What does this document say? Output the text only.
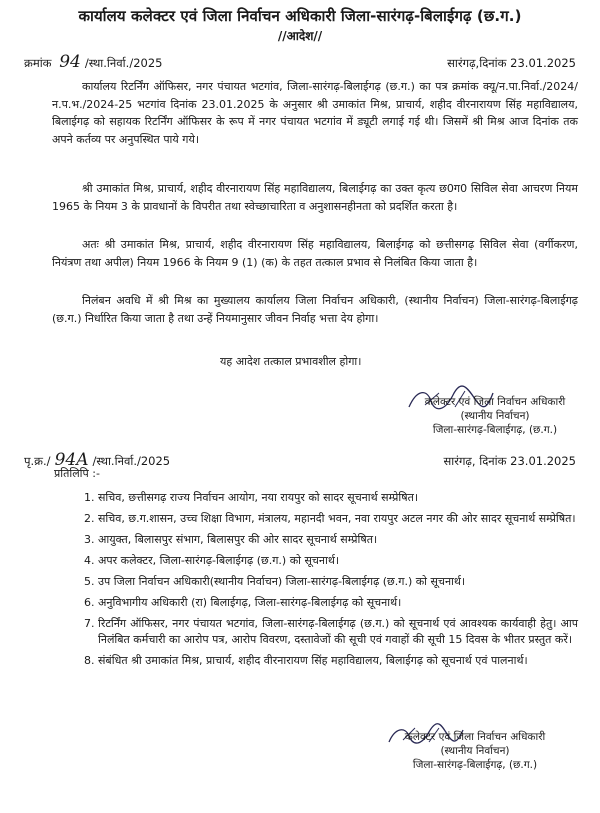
कार्यालय कलेक्टर एवं जिला निर्वाचन अधिकारी जिला-सारंगढ़-बिलाईगढ़ (छ.ग.)
//आदेश//
क्रमांक 94 /स्था.निर्वा./2025	सारंगढ़,दिनांक 23.01.2025
कार्यालय रिटर्निंग ऑफिसर, नगर पंचायत भटगांव, जिला-सारंगढ़-बिलाईगढ़ (छ.ग.) का पत्र क्रमांक क्यू/न.पा.निर्वा./2024/न.प.भ./2024-25 भटगांव दिनांक 23.01.2025 के अनुसार श्री उमाकांत मिश्र, प्राचार्य, शहीद वीरनारायण सिंह महाविद्यालय, बिलाईगढ़ को सहायक रिटर्निंग ऑफिसर के रूप में नगर पंचायत भटगांव में ड्यूटी लगाई गई थी। जिसमें श्री मिश्र आज दिनांक तक अपने कर्तव्य पर अनुपस्थित पाये गये।
श्री उमाकांत मिश्र, प्राचार्य, शहीद वीरनारायण सिंह महाविद्यालय, बिलाईगढ़ का उक्त कृत्य छ0ग0 सिविल सेवा आचरण नियम 1965 के नियम 3 के प्रावधानों के विपरीत तथा स्वेच्छाचारिता व अनुशासनहीनता को प्रदर्शित करता है।
अतः श्री उमाकांत मिश्र, प्राचार्य, शहीद वीरनारायण सिंह महाविद्यालय, बिलाईगढ़ को छत्तीसगढ़ सिविल सेवा (वर्गीकरण, नियंत्रण तथा अपील) नियम 1966 के नियम 9 (1) (क) के तहत तत्काल प्रभाव से निलंबित किया जाता है।
निलंबन अवधि में श्री मिश्र का मुख्यालय कार्यालय जिला निर्वाचन अधिकारी, (स्थानीय निर्वाचन) जिला-सारंगढ़-बिलाईगढ़ (छ.ग.) निर्धारित किया जाता है तथा उन्हें नियमानुसार जीवन निर्वाह भत्ता देय होगा।
यह आदेश तत्काल प्रभावशील होगा।
कलेक्टर एवं जिला निर्वाचन अधिकारी
(स्थानीय निर्वाचन)
जिला-सारंगढ़-बिलाईगढ़, (छ.ग.)
पृ.क्र./ 94A /स्था.निर्वा./2025	सारंगढ़, दिनांक 23.01.2025
प्रतिलिपि :-
1. सचिव, छत्तीसगढ़ राज्य निर्वाचन आयोग, नया रायपुर को सादर सूचनार्थ सम्प्रेषित।
2. सचिव, छ.ग.शासन, उच्च शिक्षा विभाग, मंत्रालय, महानदी भवन, नवा रायपुर अटल नगर की ओर सादर सूचनार्थ सम्प्रेषित।
3. आयुक्त, बिलासपुर संभाग, बिलासपुर की ओर सादर सूचनार्थ सम्प्रेषित।
4. अपर कलेक्टर, जिला-सारंगढ़-बिलाईगढ़ (छ.ग.) को सूचनार्थ।
5. उप जिला निर्वाचन अधिकारी(स्थानीय निर्वाचन) जिला-सारंगढ़-बिलाईगढ़ (छ.ग.) को सूचनार्थ।
6. अनुविभागीय अधिकारी (रा) बिलाईगढ़, जिला-सारंगढ़-बिलाईगढ़ को सूचनार्थ।
7. रिटर्निंग ऑफिसर, नगर पंचायत भटगांव, जिला-सारंगढ़-बिलाईगढ़ (छ.ग.) को सूचनार्थ एवं आवश्यक कार्यवाही हेतु। आप निलंबित कर्मचारी का आरोप पत्र, आरोप विवरण, दस्तावेजों की सूची एवं गवाहों की सूची 15 दिवस के भीतर प्रस्तुत करें।
8. संबंधित श्री उमाकांत मिश्र, प्राचार्य, शहीद वीरनारायण सिंह महाविद्यालय, बिलाईगढ़ को सूचनार्थ एवं पालनार्थ।
कलेक्टर एवं जिला निर्वाचन अधिकारी
(स्थानीय निर्वाचन)
जिला-सारंगढ़-बिलाईगढ़, (छ.ग.)
